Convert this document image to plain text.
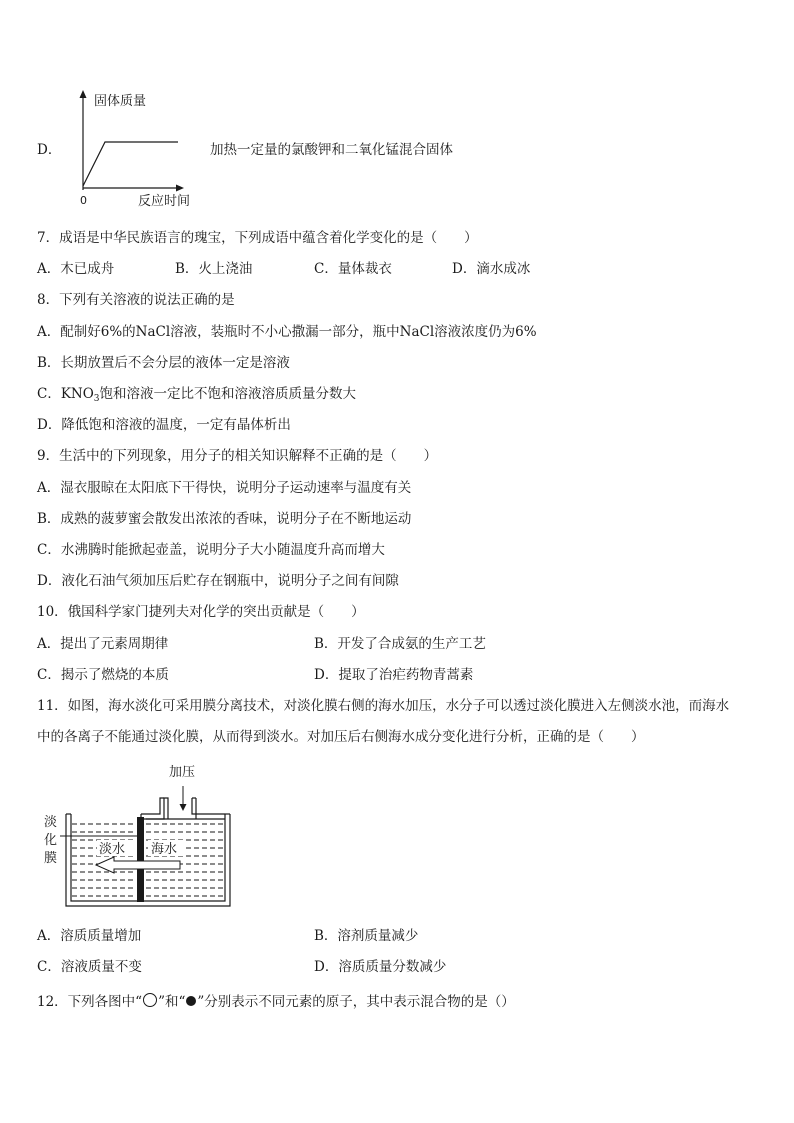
D．
固体质量
0	反应时间
加热一定量的氯酸钾和二氧化锰混合固体
7．成语是中华民族语言的瑰宝，下列成语中蕴含着化学变化的是（　　）
A．木已成舟	B．火上浇油	C．量体裁衣	D．滴水成冰
8．下列有关溶液的说法正确的是
A．配制好6%的NaCl溶液，装瓶时不小心撒漏一部分，瓶中NaCl溶液浓度仍为6%
B．长期放置后不会分层的液体一定是溶液
C．$KNO_3$饱和溶液一定比不饱和溶液溶质质量分数大
D．降低饱和溶液的温度，一定有晶体析出
9．生活中的下列现象，用分子的相关知识解释不正确的是（　　）
A．湿衣服晾在太阳底下干得快，说明分子运动速率与温度有关
B．成熟的菠萝蜜会散发出浓浓的香味，说明分子在不断地运动
C．水沸腾时能掀起壶盖，说明分子大小随温度升高而增大
D．液化石油气须加压后贮存在钢瓶中，说明分子之间有间隙
10．俄国科学家门捷列夫对化学的突出贡献是（　　）
A．提出了元素周期律	B．开发了合成氨的生产工艺
C．揭示了燃烧的本质	D．提取了治疟药物青蒿素
11．如图，海水淡化可采用膜分离技术，对淡化膜右侧的海水加压，水分子可以透过淡化膜进入左侧淡水池，而海水
中的各离子不能通过淡化膜，从而得到淡水。对加压后右侧海水成分变化进行分析，正确的是（　　）
加压
淡
化
膜
淡水 海水
A．溶质质量增加	B．溶剂质量减少
C．溶液质量不变	D．溶质质量分数减少
12．下列各图中“ ”和“ ”分别表示不同元素的原子，其中表示混合物的是（）
